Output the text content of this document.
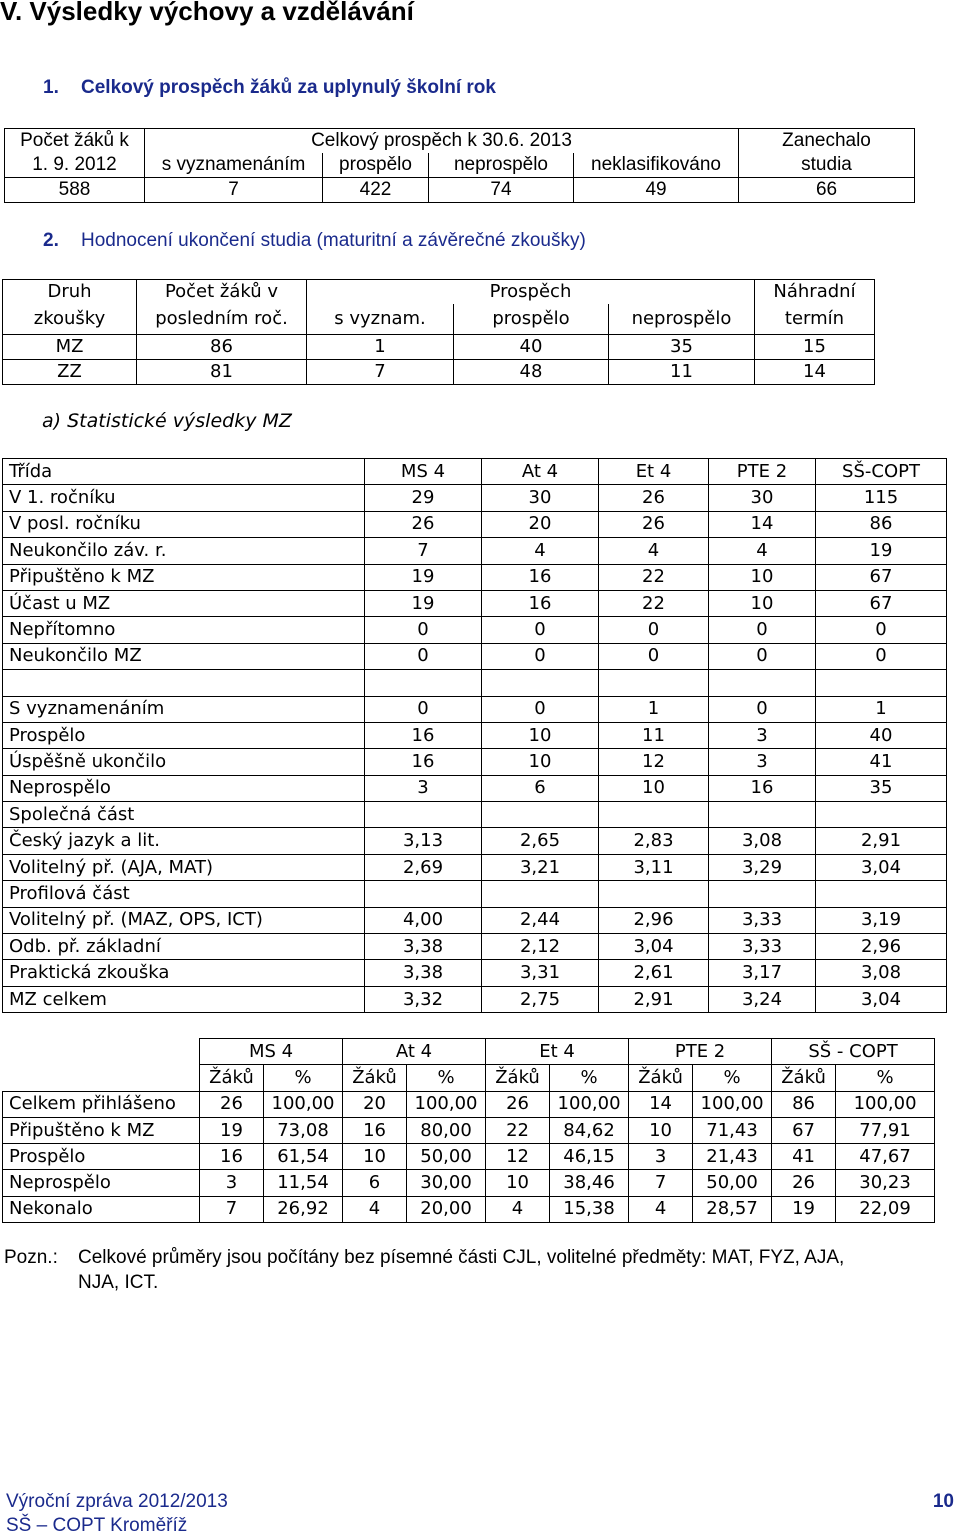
V. Výsledky výchovy a vzdělávání
1. Celkový prospěch žáků za uplynulý školní rok
Počet žáků k	Celkový prospěch k 30.6. 2013				Zanechalo
1. 9. 2012	s vyznamenáním	prospělo	neprospělo	neklasifikováno	studia
588	7	422	74	49	66
2. Hodnocení ukončení studia (maturitní a závěrečné zkoušky)
Druh	Počet žáků v	Prospěch			Náhradní
zkoušky	posledním roč.	s vyznam.	prospělo	neprospělo	termín
MZ	86	1	40	35	15
ZZ	81	7	48	11	14
a) Statistické výsledky MZ
Třída	MS 4	At 4	Et 4	PTE 2	SŠ-COPT
V 1. ročníku	29	30	26	30	115
V posl. ročníku	26	20	26	14	86
Neukončilo záv. r.	7	4	4	4	19
Připuštěno k MZ	19	16	22	10	67
Účast u MZ	19	16	22	10	67
Nepřítomno	0	0	0	0	0
Neukončilo MZ	0	0	0	0	0

S vyznamenáním	0	0	1	0	1
Prospělo	16	10	11	3	40
Úspěšně ukončilo	16	10	12	3	41
Neprospělo	3	6	10	16	35
Společná část					
Český jazyk a lit.	3,13	2,65	2,83	3,08	2,91
Volitelný př. (AJA, MAT)	2,69	3,21	3,11	3,29	3,04
Profilová část					
Volitelný př. (MAZ, OPS, ICT)	4,00	2,44	2,96	3,33	3,19
Odb. př. základní	3,38	2,12	3,04	3,33	2,96
Praktická zkouška	3,38	3,31	2,61	3,17	3,08
MZ celkem	3,32	2,75	2,91	3,24	3,04
	MS 4		At 4		Et 4		PTE 2		SŠ - COPT	
	Žáků	%	Žáků	%	Žáků	%	Žáků	%	Žáků	%
Celkem přihlášeno	26	100,00	20	100,00	26	100,00	14	100,00	86	100,00
Připuštěno k MZ	19	73,08	16	80,00	22	84,62	10	71,43	67	77,91
Prospělo	16	61,54	10	50,00	12	46,15	3	21,43	41	47,67
Neprospělo	3	11,54	6	30,00	10	38,46	7	50,00	26	30,23
Nekonalo	7	26,92	4	20,00	4	15,38	4	28,57	19	22,09
Pozn.: Celkové průměry jsou počítány bez písemné části CJL, volitelné předměty: MAT, FYZ, AJA,
NJA, ICT.
Výroční zpráva 2012/2013
SŠ – COPT Kroměříž
10
